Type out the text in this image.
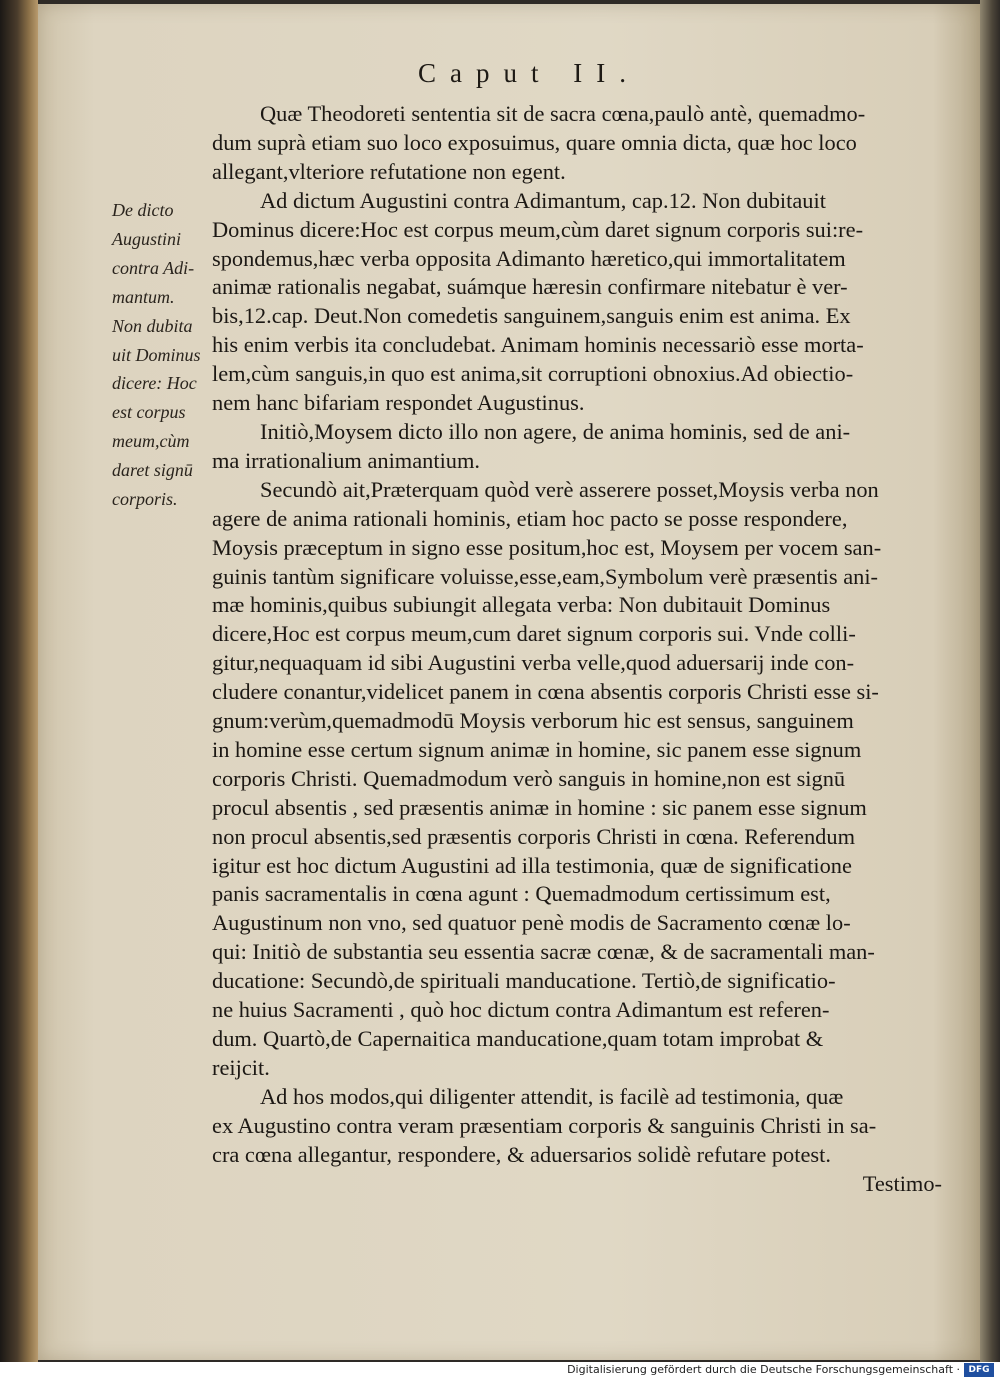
Caput II.
De dicto
Augustini
contra Adi-
mantum.
Non dubita
uit Dominus
dicere: Hoc
est corpus
meum,cùm
daret signū
corporis.
Quæ Theodoreti sententia sit de sacra cœna,paulò antè, quemadmo-
dum suprà etiam suo loco exposuimus, quare omnia dicta, quæ hoc loco
allegant,vlteriore refutatione non egent.
Ad dictum Augustini contra Adimantum, cap.12. Non dubitauit
Dominus dicere:Hoc est corpus meum,cùm daret signum corporis sui:re-
spondemus,hæc verba opposita Adimanto hæretico,qui immortalitatem
animæ rationalis negabat, suámque hæresin confirmare nitebatur è ver-
bis,12.cap. Deut.Non comedetis sanguinem,sanguis enim est anima. Ex
his enim verbis ita concludebat. Animam hominis necessariò esse morta-
lem,cùm sanguis,in quo est anima,sit corruptioni obnoxius.Ad obiectio-
nem hanc bifariam respondet Augustinus.
Initiò,Moysem dicto illo non agere, de anima hominis, sed de ani-
ma irrationalium animantium.
Secundò ait,Præterquam quòd verè asserere posset,Moysis verba non
agere de anima rationali hominis, etiam hoc pacto se posse respondere,
Moysis præceptum in signo esse positum,hoc est, Moysem per vocem san-
guinis tantùm significare voluisse,esse,eam,Symbolum verè præsentis ani-
mæ hominis,quibus subiungit allegata verba: Non dubitauit Dominus
dicere,Hoc est corpus meum,cum daret signum corporis sui. Vnde colli-
gitur,nequaquam id sibi Augustini verba velle,quod aduersarij inde con-
cludere conantur,videlicet panem in cœna absentis corporis Christi esse si-
gnum:verùm,quemadmodū Moysis verborum hic est sensus, sanguinem
in homine esse certum signum animæ in homine, sic panem esse signum
corporis Christi. Quemadmodum verò sanguis in homine,non est signū
procul absentis , sed præsentis animæ in homine : sic panem esse signum
non procul absentis,sed præsentis corporis Christi in cœna. Referendum
igitur est hoc dictum Augustini ad illa testimonia, quæ de significatione
panis sacramentalis in cœna agunt : Quemadmodum certissimum est,
Augustinum non vno, sed quatuor penè modis de Sacramento cœnæ lo-
qui: Initiò de substantia seu essentia sacræ cœnæ, & de sacramentali man-
ducatione: Secundò,de spirituali manducatione. Tertiò,de significatio-
ne huius Sacramenti , quò hoc dictum contra Adimantum est referen-
dum. Quartò,de Capernaitica manducatione,quam totam improbat &
reijcit.
Ad hos modos,qui diligenter attendit, is facilè ad testimonia, quæ
ex Augustino contra veram præsentiam corporis & sanguinis Christi in sa-
cra cœna allegantur, respondere, & aduersarios solidè refutare potest.
Testimo-
Digitalisierung gefördert durch die Deutsche Forschungsgemeinschaft · DFG
